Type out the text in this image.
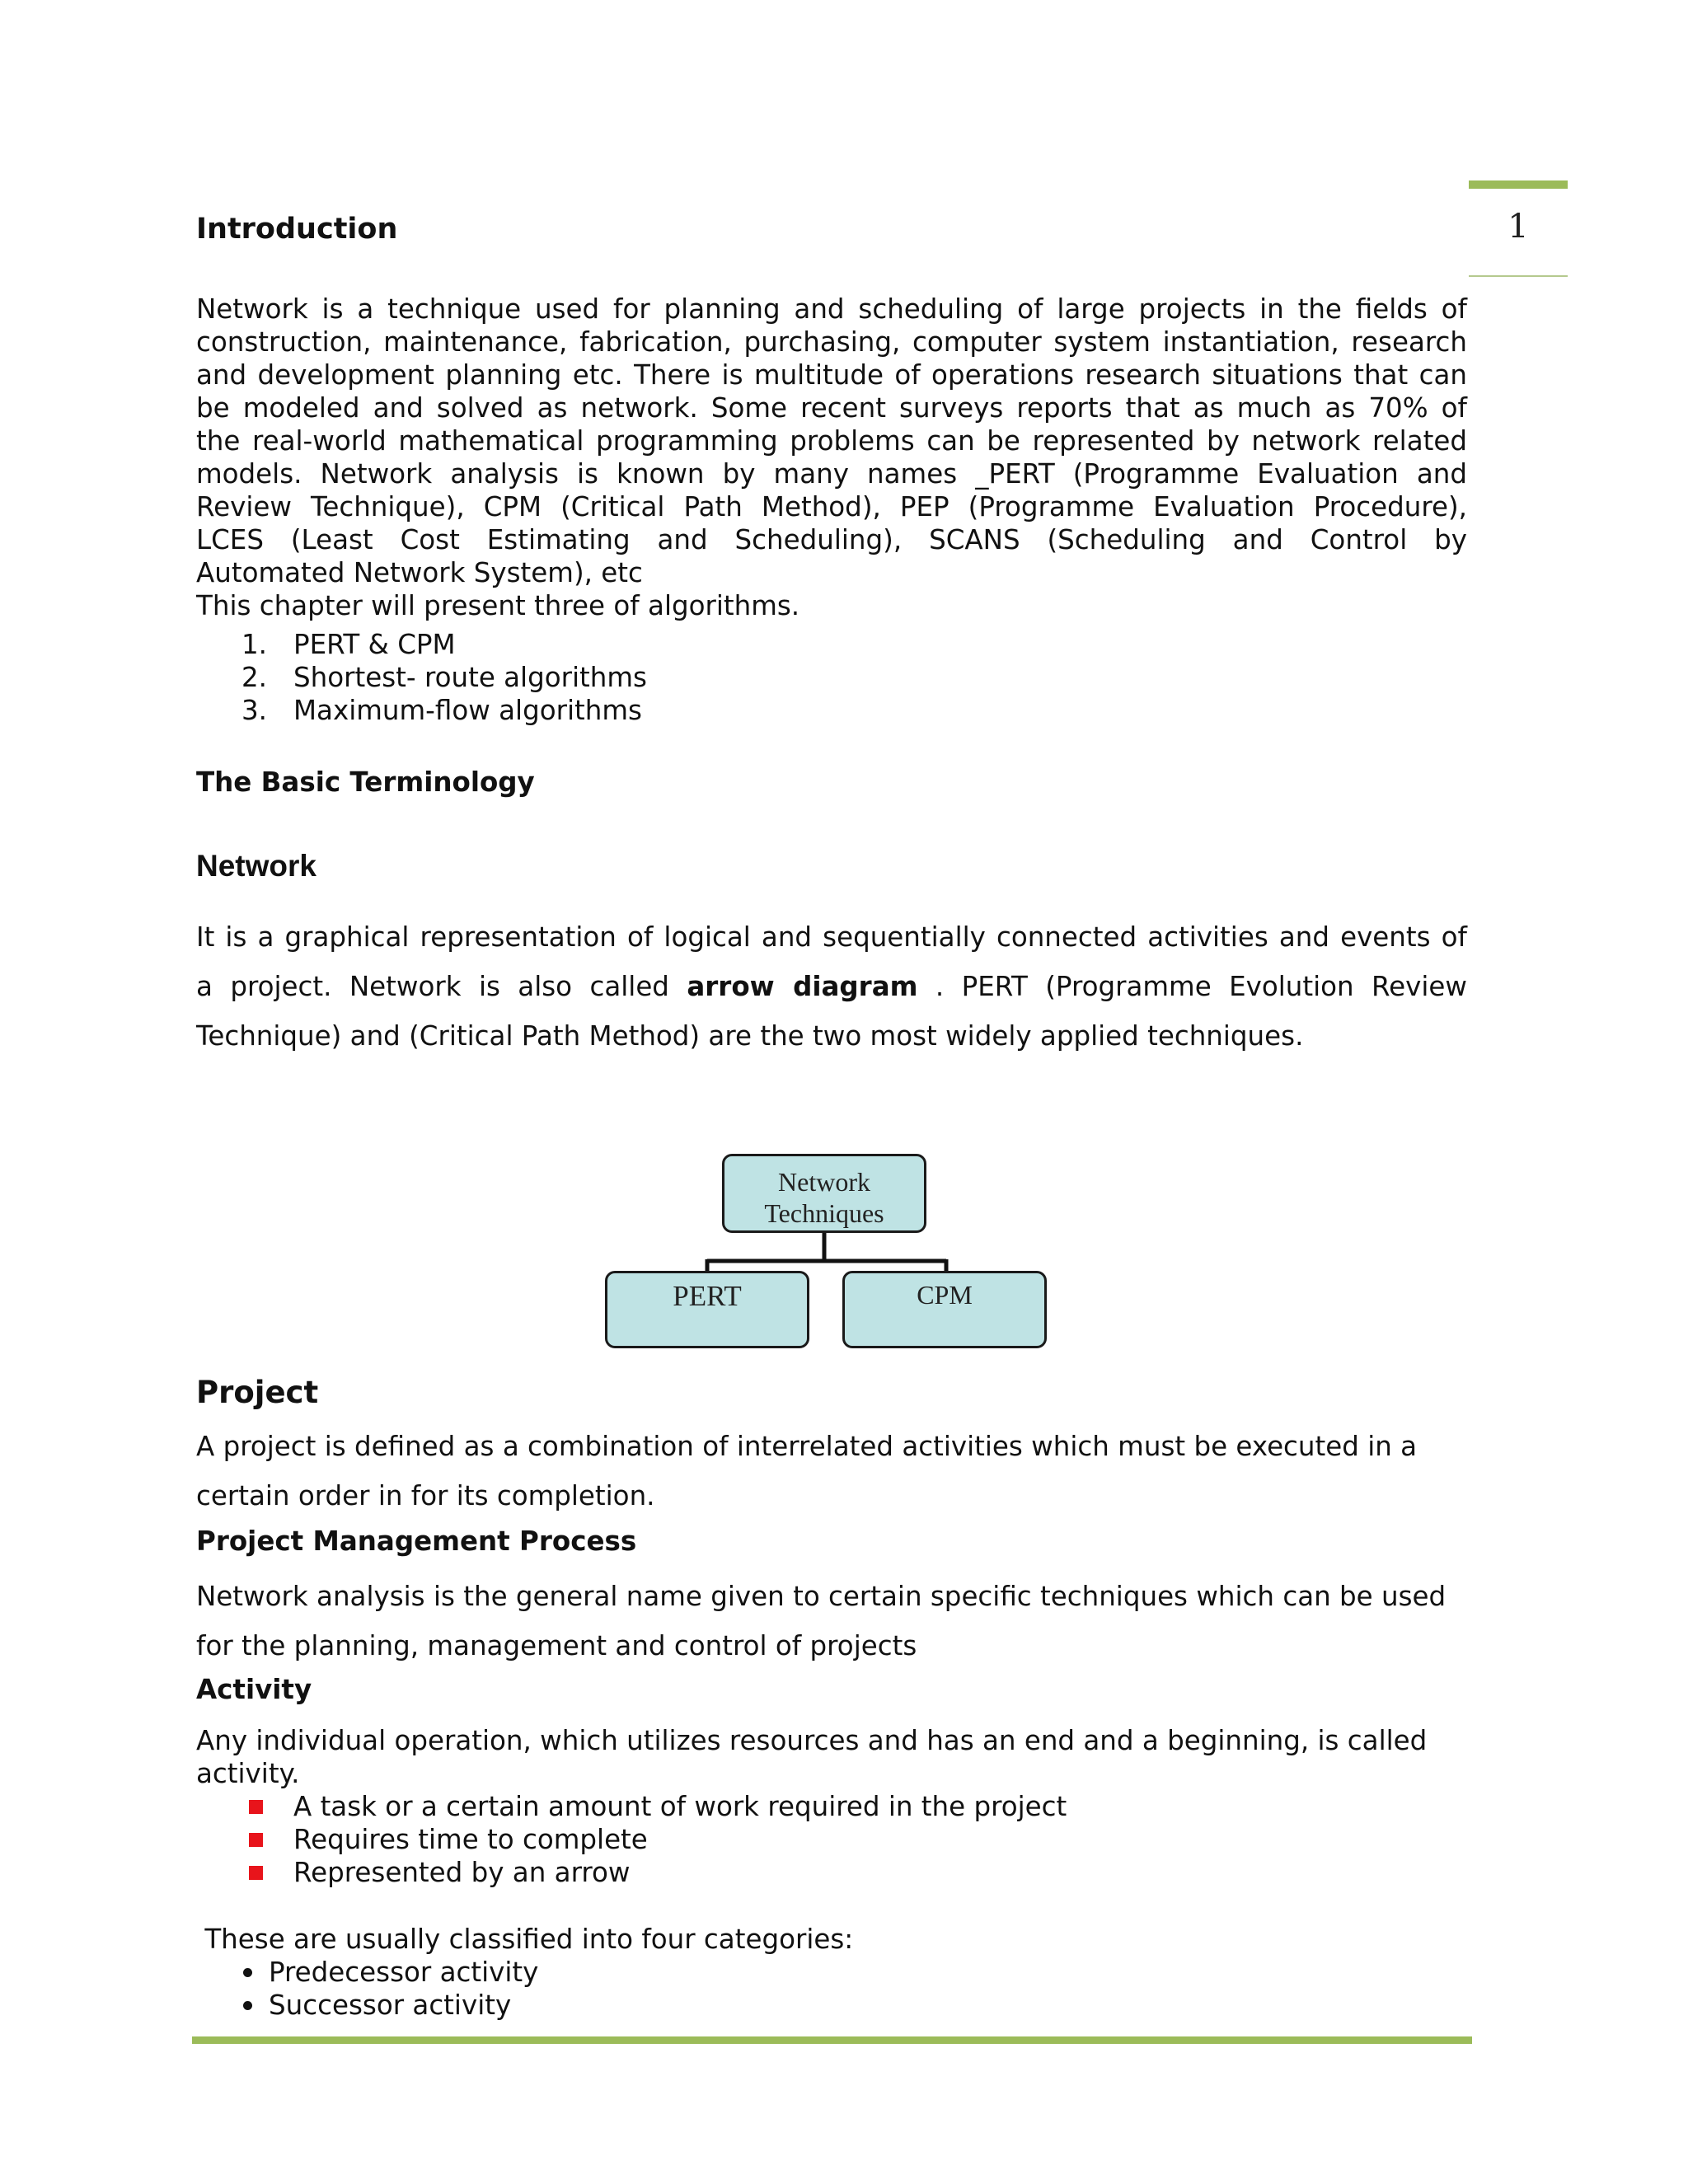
1
Introduction
Network is a technique used for planning and scheduling of large projects in the fields of
construction, maintenance, fabrication, purchasing, computer system instantiation, research
and development planning etc. There is multitude of operations research situations that can
be modeled and solved as network. Some recent surveys reports that as much as 70% of
the real-world mathematical programming problems can be represented by network related
models. Network analysis is known by many names _PERT (Programme Evaluation and
Review Technique), CPM (Critical Path Method), PEP (Programme Evaluation Procedure),
LCES (Least Cost Estimating and Scheduling), SCANS (Scheduling and Control by
Automated Network System), etc
This chapter will present three of algorithms.
1. PERT & CPM
2. Shortest- route algorithms
3. Maximum-flow algorithms
The Basic Terminology
Network
It is a graphical representation of logical and sequentially connected activities and events of
a project. Network is also called arrow diagram . PERT (Programme Evolution Review
Technique) and (Critical Path Method) are the two most widely applied techniques.
Network
Techniques
PERT	CPM
Project
A project is defined as a combination of interrelated activities which must be executed in a
certain order in for its completion.
Project Management Process
Network analysis is the general name given to certain specific techniques which can be used
for the planning, management and control of projects
Activity
Any individual operation, which utilizes resources and has an end and a beginning, is called
activity.
A task or a certain amount of work required in the project
Requires time to complete
Represented by an arrow
These are usually classified into four categories:
Predecessor activity
Successor activity
